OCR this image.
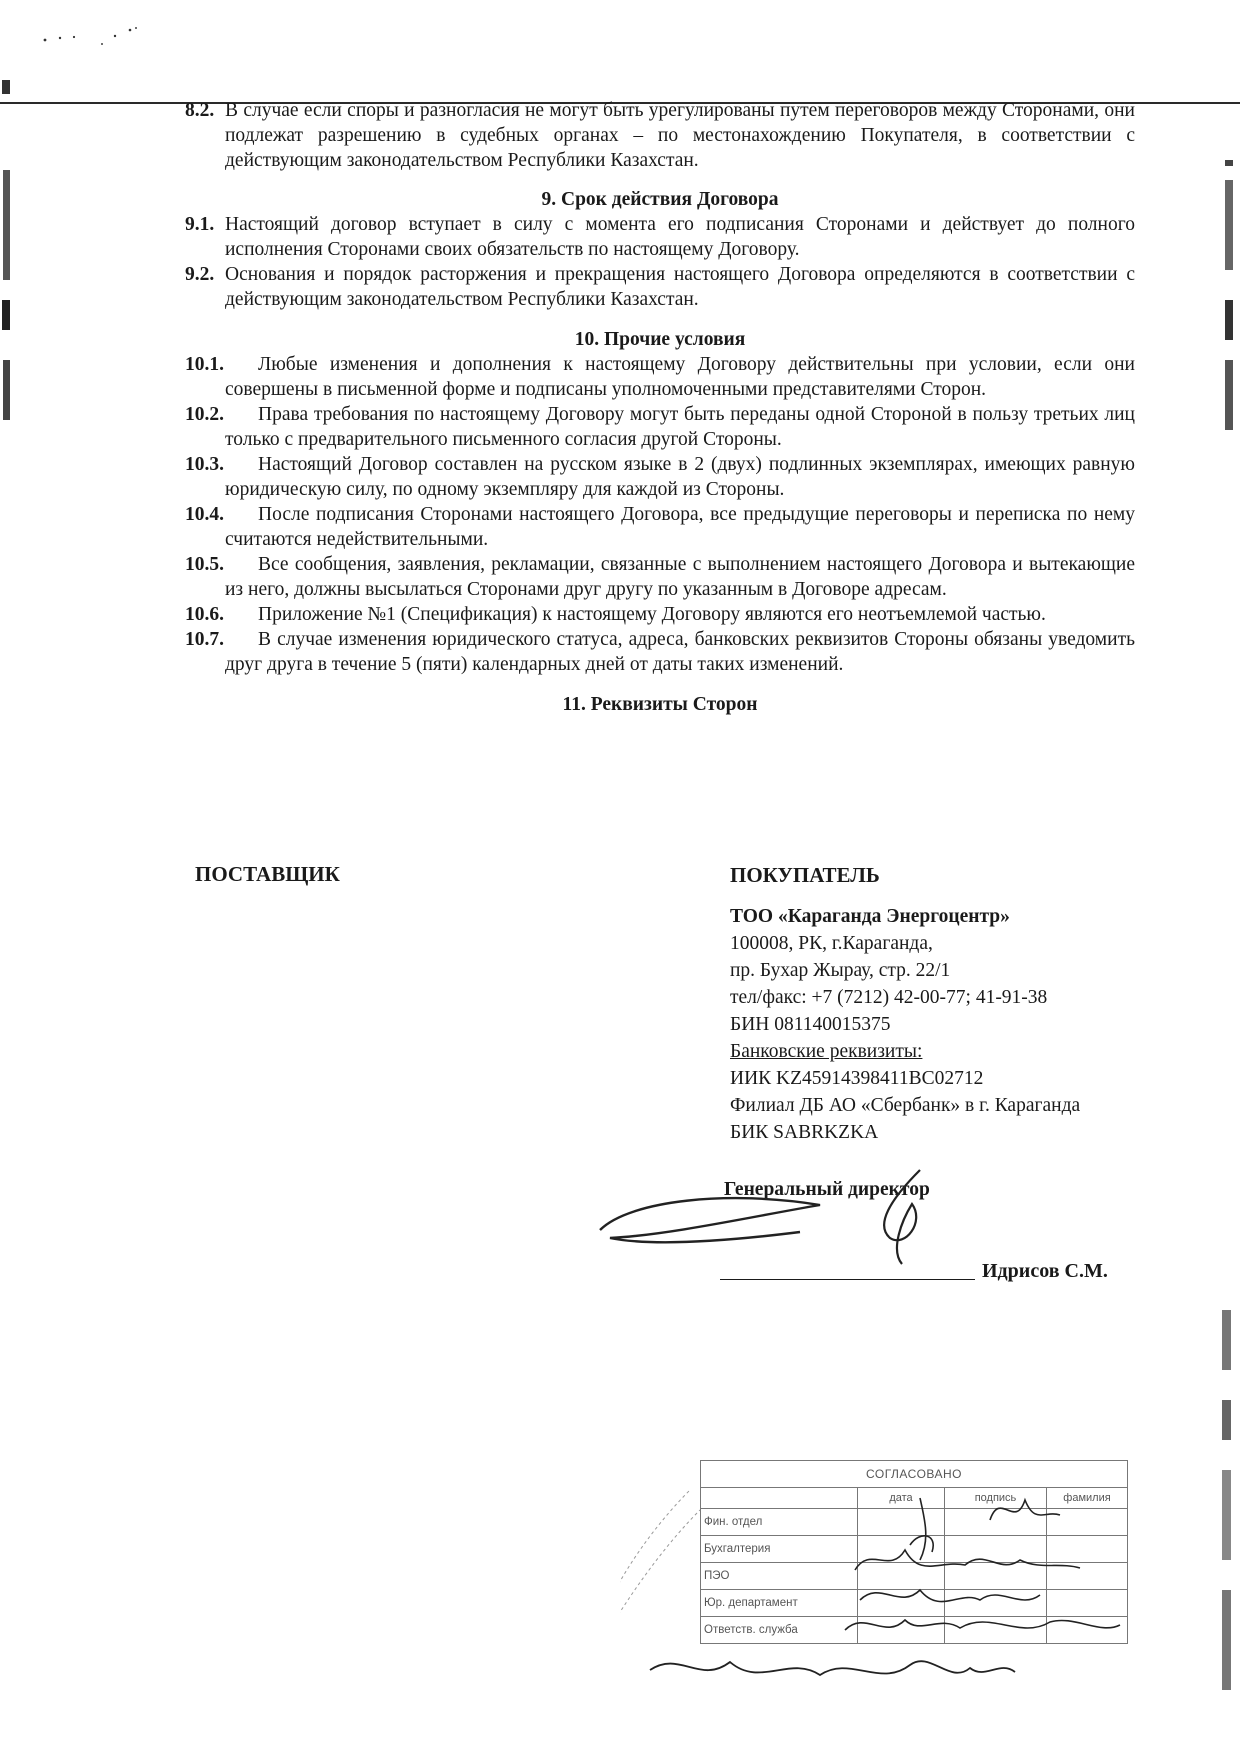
8.2. В случае если споры и разногласия не могут быть урегулированы путем переговоров между Сторонами, они подлежат разрешению в судебных органах – по местонахождению Покупателя, в соответствии с действующим законодательством Республики Казахстан.

9. Срок действия Договора

9.1. Настоящий договор вступает в силу с момента его подписания Сторонами и действует до полного исполнения Сторонами своих обязательств по настоящему Договору.
9.2. Основания и порядок расторжения и прекращения настоящего Договора определяются в соответствии с действующим законодательством Республики Казахстан.

10. Прочие условия

10.1.	Любые изменения и дополнения к настоящему Договору действительны при условии, если они совершены в письменной форме и подписаны уполномоченными представителями Сторон.
10.2.	Права требования по настоящему Договору могут быть переданы одной Стороной в пользу третьих лиц только с предварительного письменного согласия другой Стороны.
10.3.	Настоящий Договор составлен на русском языке в 2 (двух) подлинных экземплярах, имеющих равную юридическую силу, по одному экземпляру для каждой из Стороны.
10.4.	После подписания Сторонами настоящего Договора, все предыдущие переговоры и переписка по нему считаются недействительными.
10.5.	Все сообщения, заявления, рекламации, связанные с выполнением настоящего Договора и вытекающие из него, должны высылаться Сторонами друг другу по указанным в Договоре адресам.
10.6.	Приложение №1 (Спецификация) к настоящему Договору являются его неотъемлемой частью.
10.7.	В случае изменения юридического статуса, адреса, банковских реквизитов Стороны обязаны уведомить друг друга в течение 5 (пяти) календарных дней от даты таких изменений.

11. Реквизиты Сторон

ПОСТАВЩИК	ПОКУПАТЕЛЬ
ТОО «Караганда Энергоцентр»
100008, РК, г.Караганда,
пр. Бухар Жырау, стр. 22/1
тел/факс: +7 (7212) 42-00-77; 41-91-38
БИН 081140015375
Банковские реквизиты:
ИИК KZ45914398411BC02712
Филиал ДБ АО «Сбербанк» в г. Караганда
БИК SABRKZKA
Генеральный директор
Идрисов С.М.
СОГЛАСОВАНО			
	дата	подпись	фамилия
Фин. отдел			
Бухгалтерия			
ПЭО			
Юр. департамент			
Ответств. служба			
